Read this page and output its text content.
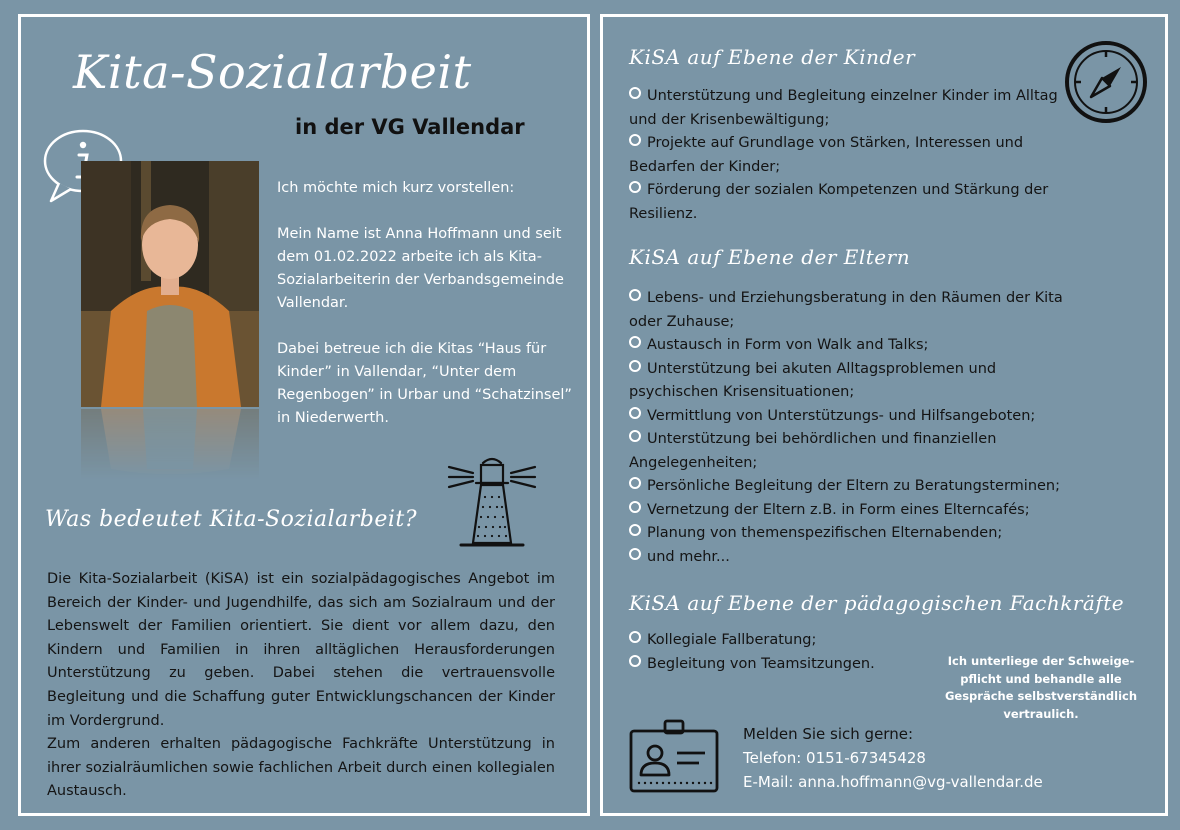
Kita-Sozialarbeit
in der VG Vallendar

Ich möchte mich kurz vorstellen:

Mein Name ist Anna Hoffmann und seit dem 01.02.2022 arbeite ich als Kita-Sozialarbeiterin der Verbandsgemeinde Vallendar.

Dabei betreue ich die Kitas “Haus für Kinder” in Vallendar, “Unter dem Regenbogen” in Urbar und “Schatzinsel” in Niederwerth.

Was bedeutet Kita-Sozialarbeit?
Die Kita-Sozialarbeit (KiSA) ist ein sozialpädagogisches Angebot im Bereich der Kinder- und Jugendhilfe, das sich am Sozialraum und der Lebenswelt der Familien orientiert. Sie dient vor allem dazu, den Kindern und Familien in ihren alltäglichen Herausforderungen Unterstützung zu geben. Dabei stehen die vertrauensvolle Begleitung und die Schaffung guter Entwicklungschancen der Kinder im Vordergrund.
Zum anderen erhalten pädagogische Fachkräfte Unterstützung in ihrer sozialräumlichen sowie fachlichen Arbeit durch einen kollegialen Austausch.
KiSA auf Ebene der Kinder
Unterstützung und Begleitung einzelner Kinder im Alltag und der Krisenbewältigung;
Projekte auf Grundlage von Stärken, Interessen und Bedarfen der Kinder;
Förderung der sozialen Kompetenzen und Stärkung der Resilienz.
KiSA auf Ebene der Eltern
Lebens- und Erziehungsberatung in den Räumen der Kita oder Zuhause;
Austausch in Form von Walk and Talks;
Unterstützung bei akuten Alltagsproblemen und psychischen Krisensituationen;
Vermittlung von Unterstützungs- und Hilfsangeboten;
Unterstützung bei behördlichen und finanziellen Angelegenheiten;
Persönliche Begleitung der Eltern zu Beratungsterminen;
Vernetzung der Eltern z.B. in Form eines Elterncafés;
Planung von themenspezifischen Elternabenden;
und mehr...
KiSA auf Ebene der pädagogischen Fachkräfte
Kollegiale Fallberatung;
Begleitung von Teamsitzungen.	Ich unterliege der Schweige-pflicht und behandle alle Gespräche selbstverständlich vertraulich.
Melden Sie sich gerne:
Telefon: 0151-67345428
E-Mail: anna.hoffmann@vg-vallendar.de
